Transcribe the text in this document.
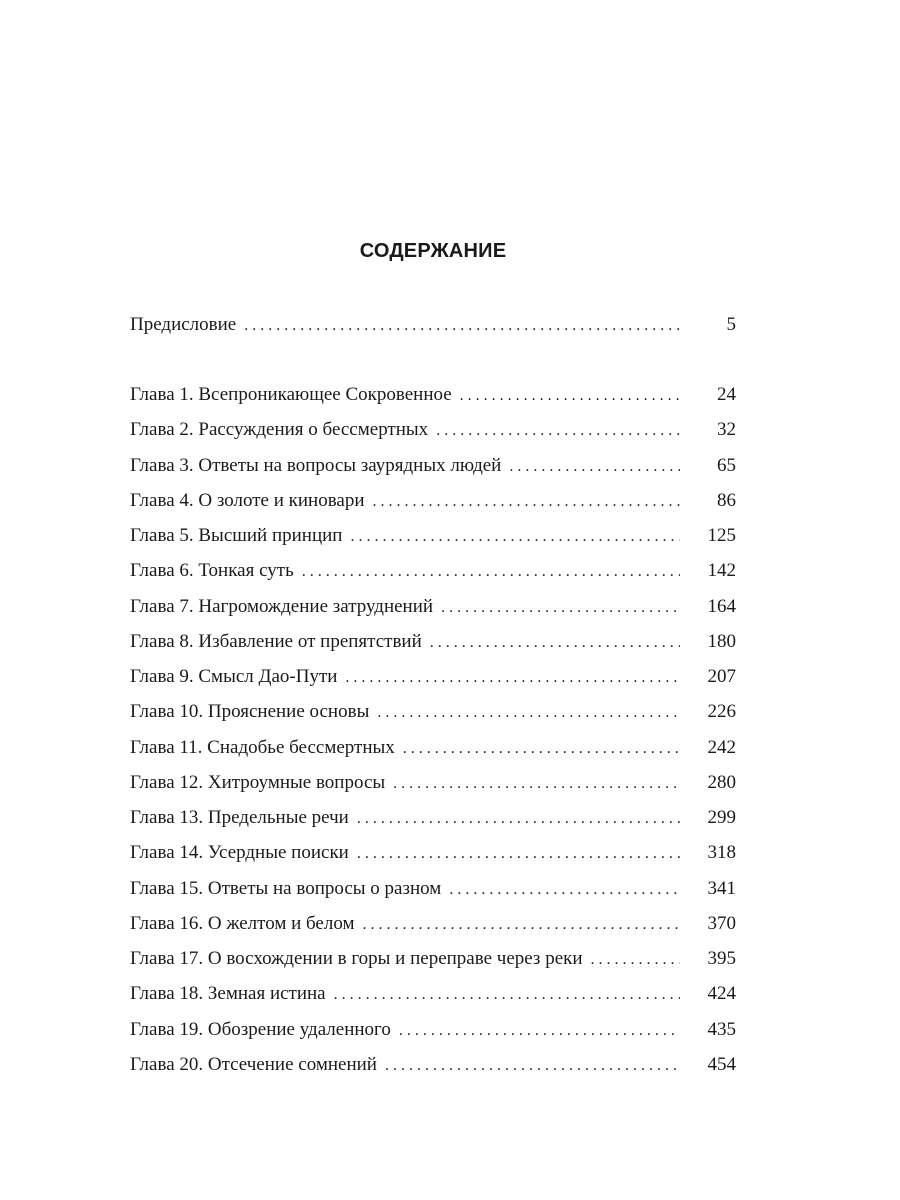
СОДЕРЖАНИЕ
Предисловие . . .	5
Глава 1. Всепроникающее Сокровенное . . .	24
Глава 2. Рассуждения о бессмертных . . .	32
Глава 3. Ответы на вопросы заурядных людей . . .	65
Глава 4. О золоте и киновари . . .	86
Глава 5. Высший принцип . . .	125
Глава 6. Тонкая суть . . .	142
Глава 7. Нагромождение затруднений . . .	164
Глава 8. Избавление от препятствий . . .	180
Глава 9. Смысл Дао-Пути . . .	207
Глава 10. Прояснение основы . . .	226
Глава 11. Снадобье бессмертных . . .	242
Глава 12. Хитроумные вопросы . . .	280
Глава 13. Предельные речи . . .	299
Глава 14. Усердные поиски . . .	318
Глава 15. Ответы на вопросы о разном . . .	341
Глава 16. О желтом и белом . . .	370
Глава 17. О восхождении в горы и переправе через реки . . .	395
Глава 18. Земная истина . . .	424
Глава 19. Обозрение удаленного . . .	435
Глава 20. Отсечение сомнений . . .	454
